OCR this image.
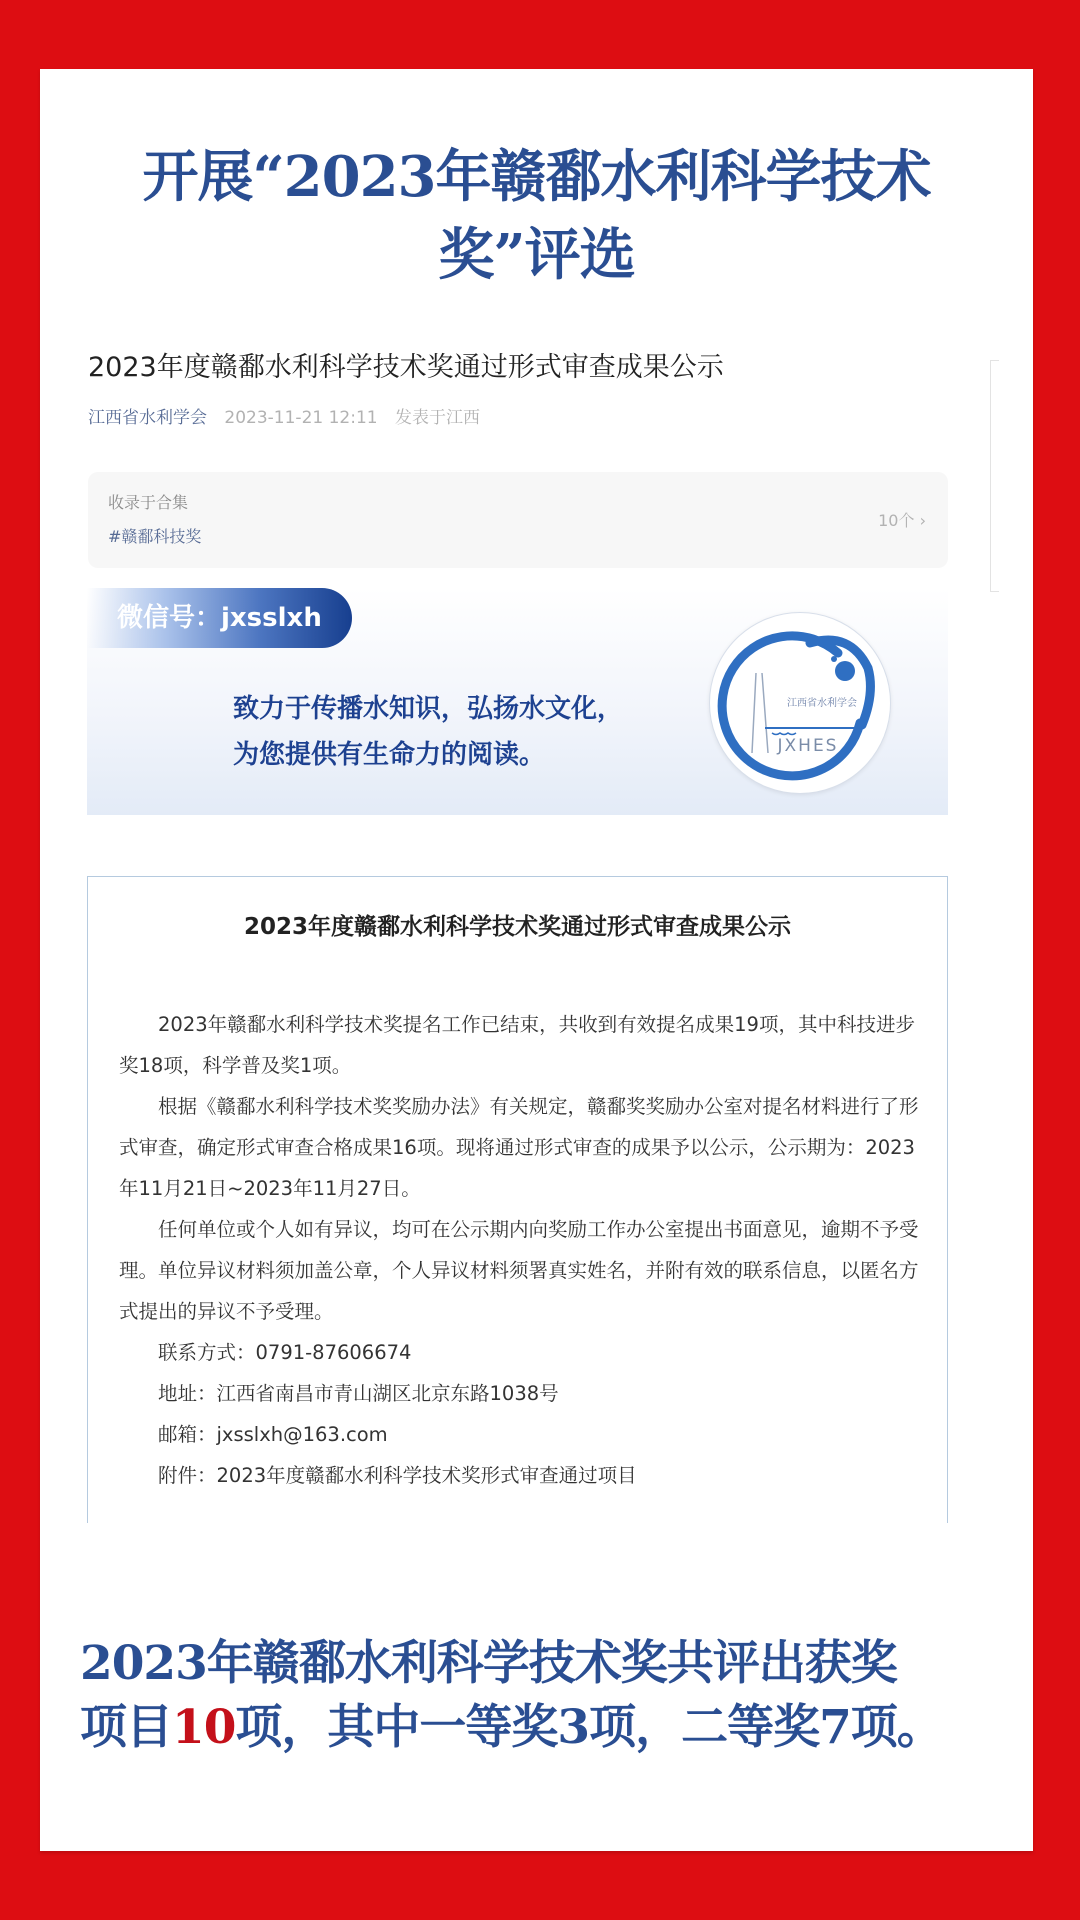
开展“2023年赣鄱水利科学技术
奖”评选
2023年度赣鄱水利科学技术奖通过形式审查成果公示
江西省水利学会 2023-11-21 12:11 发表于江西
收录于合集
#赣鄱科技奖
10个 ›
微信号：jxsslxh
致力于传播水知识，弘扬水文化，
为您提供有生命力的阅读。
江西省水利学会
JXHES
2023年度赣鄱水利科学技术奖通过形式审查成果公示

2023年赣鄱水利科学技术奖提名工作已结束，共收到有效提名成果19项，其中科技进步奖18项，科学普及奖1项。

根据《赣鄱水利科学技术奖奖励办法》有关规定，赣鄱奖奖励办公室对提名材料进行了形式审查，确定形式审查合格成果16项。现将通过形式审查的成果予以公示，公示期为：2023年11月21日~2023年11月27日。

任何单位或个人如有异议，均可在公示期内向奖励工作办公室提出书面意见，逾期不予受理。单位异议材料须加盖公章，个人异议材料须署真实姓名，并附有效的联系信息，以匿名方式提出的异议不予受理。

联系方式：0791-87606674

地址：江西省南昌市青山湖区北京东路1038号

邮箱：jxsslxh@163.com

附件：2023年度赣鄱水利科学技术奖形式审查通过项目

2023年赣鄱水利科学技术奖共评出获奖
项目10项，其中一等奖3项，二等奖7项。
